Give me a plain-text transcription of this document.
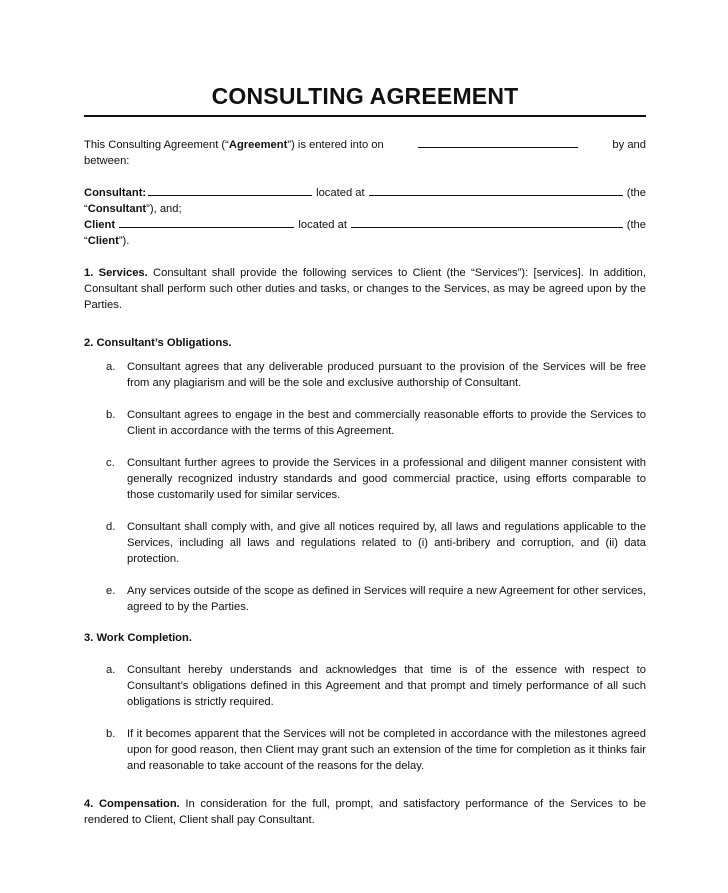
CONSULTING AGREEMENT
This Consulting Agreement (“Agreement”) is entered into on	by and
between:
Consultant:	located at	(the
“Consultant”), and;
Client	located at	(the
“Client”).

1. Services. Consultant shall provide the following services to Client (the “Services”): [services]. In addition, Consultant shall perform such other duties and tasks, or changes to the Services, as may be agreed upon by the Parties.

2. Consultant’s Obligations.
a. Consultant agrees that any deliverable produced pursuant to the provision of the Services will be free from any plagiarism and will be the sole and exclusive authorship of Consultant.
b. Consultant agrees to engage in the best and commercially reasonable efforts to provide the Services to Client in accordance with the terms of this Agreement.
c. Consultant further agrees to provide the Services in a professional and diligent manner consistent with generally recognized industry standards and good commercial practice, using efforts comparable to those customarily used for similar services.
d. Consultant shall comply with, and give all notices required by, all laws and regulations applicable to the Services, including all laws and regulations related to (i) anti-bribery and corruption, and (ii) data protection.
e. Any services outside of the scope as defined in Services will require a new Agreement for other services, agreed to by the Parties.
3. Work Completion.
a. Consultant hereby understands and acknowledges that time is of the essence with respect to Consultant’s obligations defined in this Agreement and that prompt and timely performance of all such obligations is strictly required.
b. If it becomes apparent that the Services will not be completed in accordance with the milestones agreed upon for good reason, then Client may grant such an extension of the time for completion as it thinks fair and reasonable to take account of the reasons for the delay.

4. Compensation. In consideration for the full, prompt, and satisfactory performance of the Services to be rendered to Client, Client shall pay Consultant.
